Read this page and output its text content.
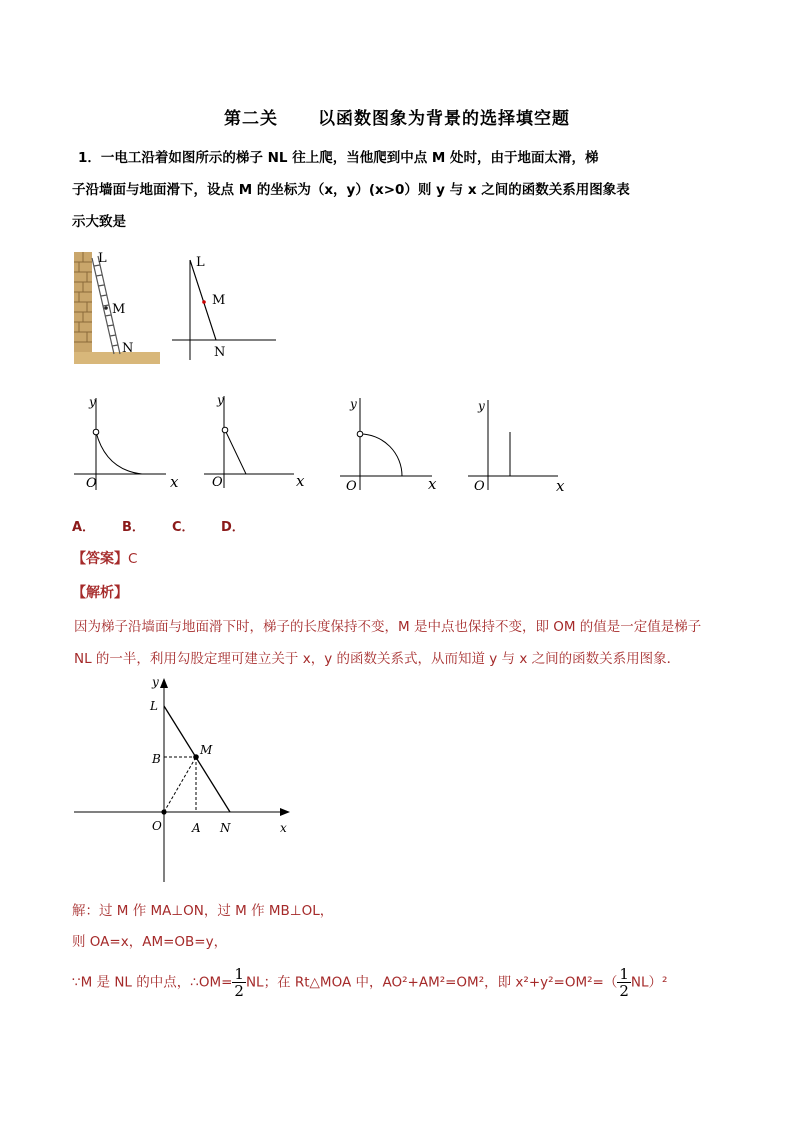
第二关 以函数图象为背景的选择填空题
1．一电工沿着如图所示的梯子 NL 往上爬，当他爬到中点 M 处时，由于地面太滑，梯
子沿墙面与地面滑下，设点 M 的坐标为（x，y）(x>0）则 y 与 x 之间的函数关系用图象表
示大致是
L
M
N
L
M
N
y
x
O
y
x
O
y
x
O
y
x
O
A． B． C． D．
【答案】C
【解析】
因为梯子沿墙面与地面滑下时，梯子的长度保持不变，M 是中点也保持不变，即 OM 的值是一定值是梯子
NL 的一半，利用勾股定理可建立关于 x，y 的函数关系式，从而知道 y 与 x 之间的函数关系用图象．
y
L
B
M
O	A N	x
解：过 M 作 MA⊥ON，过 M 作 MB⊥OL，
则 OA=x，AM=OB=y，
∵M 是 NL 的中点，∴OM= $\frac{1}{2}$ NL；在 Rt△MOA 中，AO²+AM²=OM²，即 $x^2+y^2=OM^2=( \frac{1}{2} NL)^2$
